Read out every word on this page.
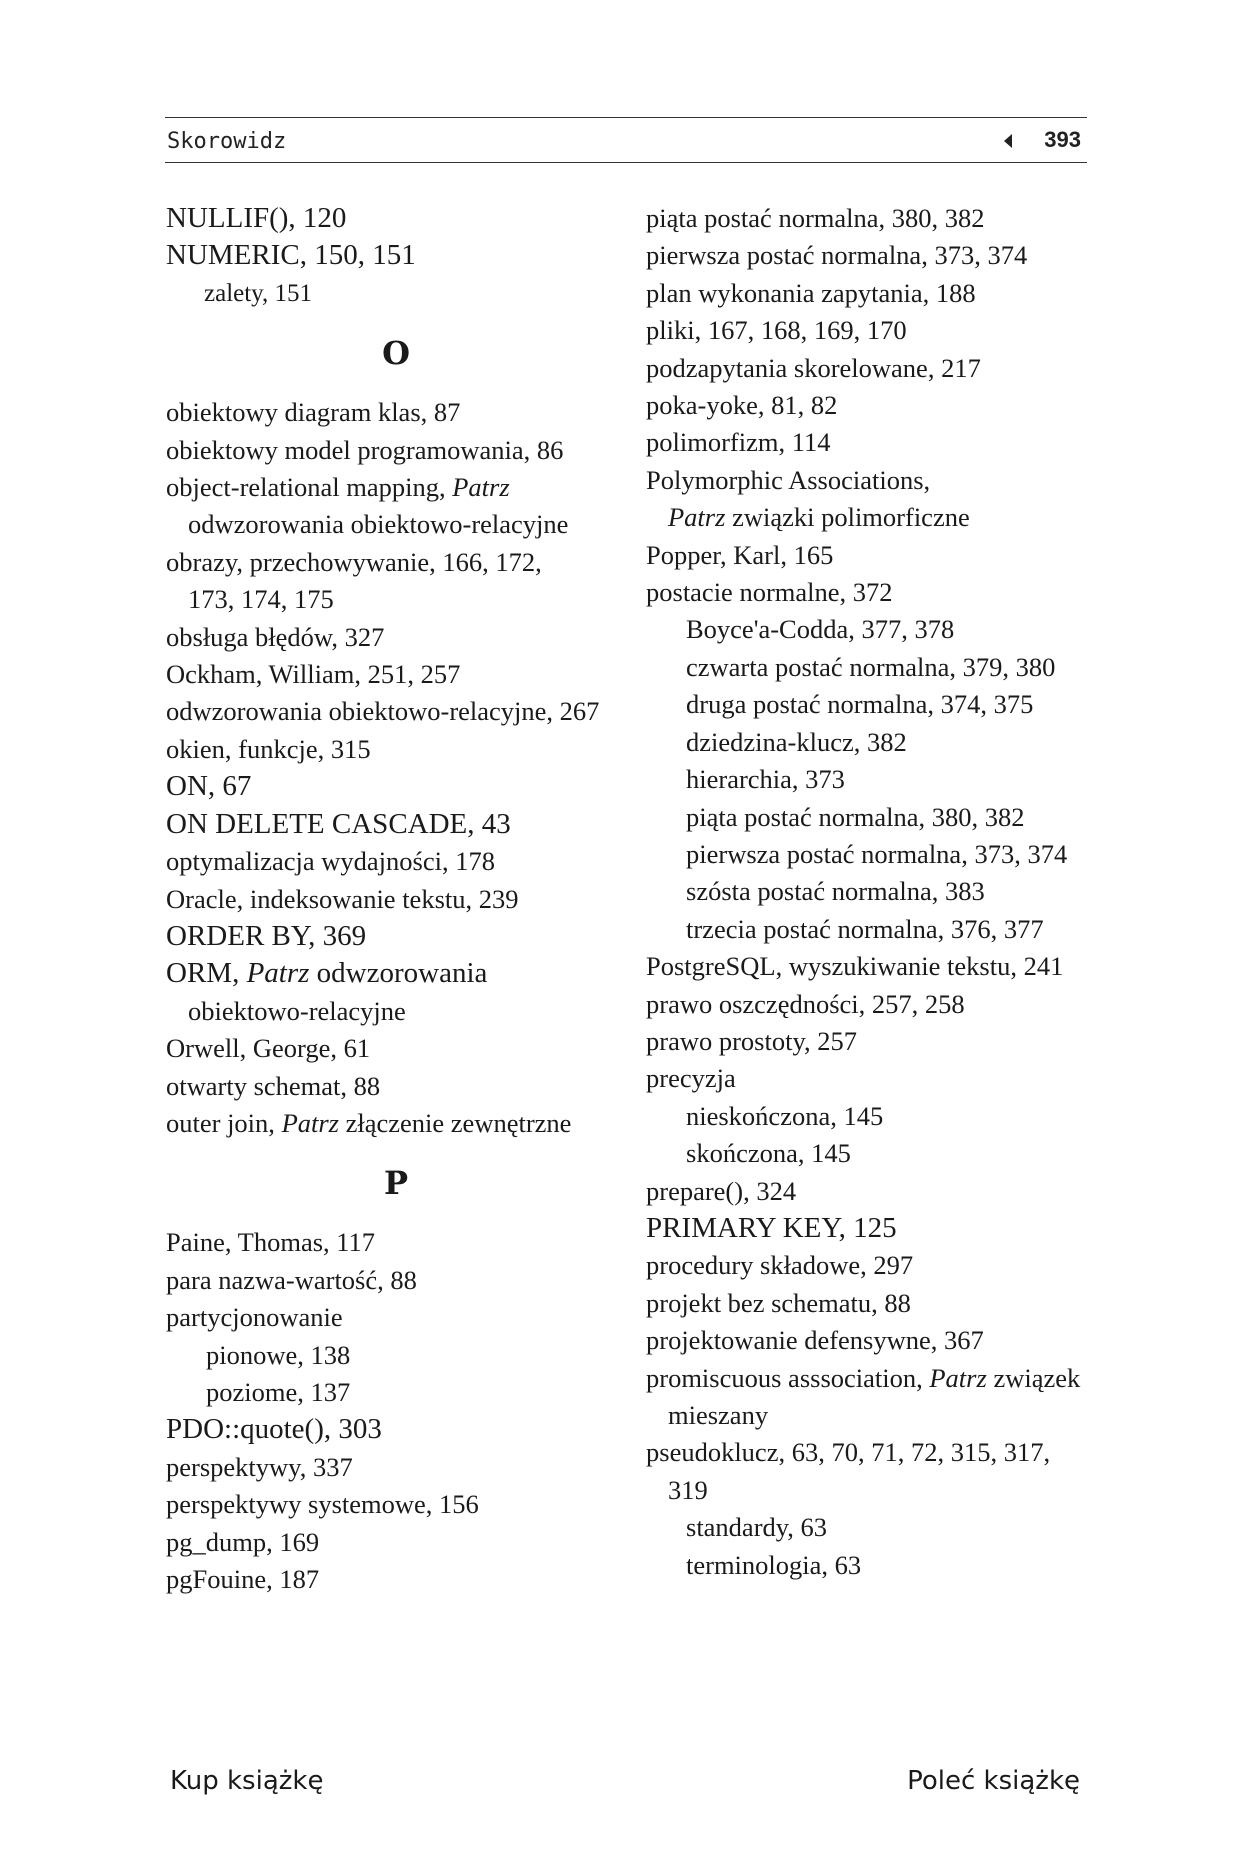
Skorowidz	393
NULLIF(), 120
NUMERIC, 150, 151
zalety, 151
O
obiektowy diagram klas, 87
obiektowy model programowania, 86
object-relational mapping, Patrz
odwzorowania obiektowo-relacyjne
obrazy, przechowywanie, 166, 172,
173, 174, 175
obsługa błędów, 327
Ockham, William, 251, 257
odwzorowania obiektowo-relacyjne, 267
okien, funkcje, 315
ON, 67
ON DELETE CASCADE, 43
optymalizacja wydajności, 178
Oracle, indeksowanie tekstu, 239
ORDER BY, 369
ORM, Patrz odwzorowania
obiektowo-relacyjne
Orwell, George, 61
otwarty schemat, 88
outer join, Patrz złączenie zewnętrzne
P
Paine, Thomas, 117
para nazwa-wartość, 88
partycjonowanie
pionowe, 138
poziome, 137
PDO::quote(), 303
perspektywy, 337
perspektywy systemowe, 156
pg_dump, 169
pgFouine, 187
piąta postać normalna, 380, 382
pierwsza postać normalna, 373, 374
plan wykonania zapytania, 188
pliki, 167, 168, 169, 170
podzapytania skorelowane, 217
poka-yoke, 81, 82
polimorfizm, 114
Polymorphic Associations,
Patrz związki polimorficzne
Popper, Karl, 165
postacie normalne, 372
Boyce'a-Codda, 377, 378
czwarta postać normalna, 379, 380
druga postać normalna, 374, 375
dziedzina-klucz, 382
hierarchia, 373
piąta postać normalna, 380, 382
pierwsza postać normalna, 373, 374
szósta postać normalna, 383
trzecia postać normalna, 376, 377
PostgreSQL, wyszukiwanie tekstu, 241
prawo oszczędności, 257, 258
prawo prostoty, 257
precyzja
nieskończona, 145
skończona, 145
prepare(), 324
PRIMARY KEY, 125
procedury składowe, 297
projekt bez schematu, 88
projektowanie defensywne, 367
promiscuous asssociation, Patrz związek
mieszany
pseudoklucz, 63, 70, 71, 72, 315, 317,
319
standardy, 63
terminologia, 63
Kup książkę	Poleć książkę
